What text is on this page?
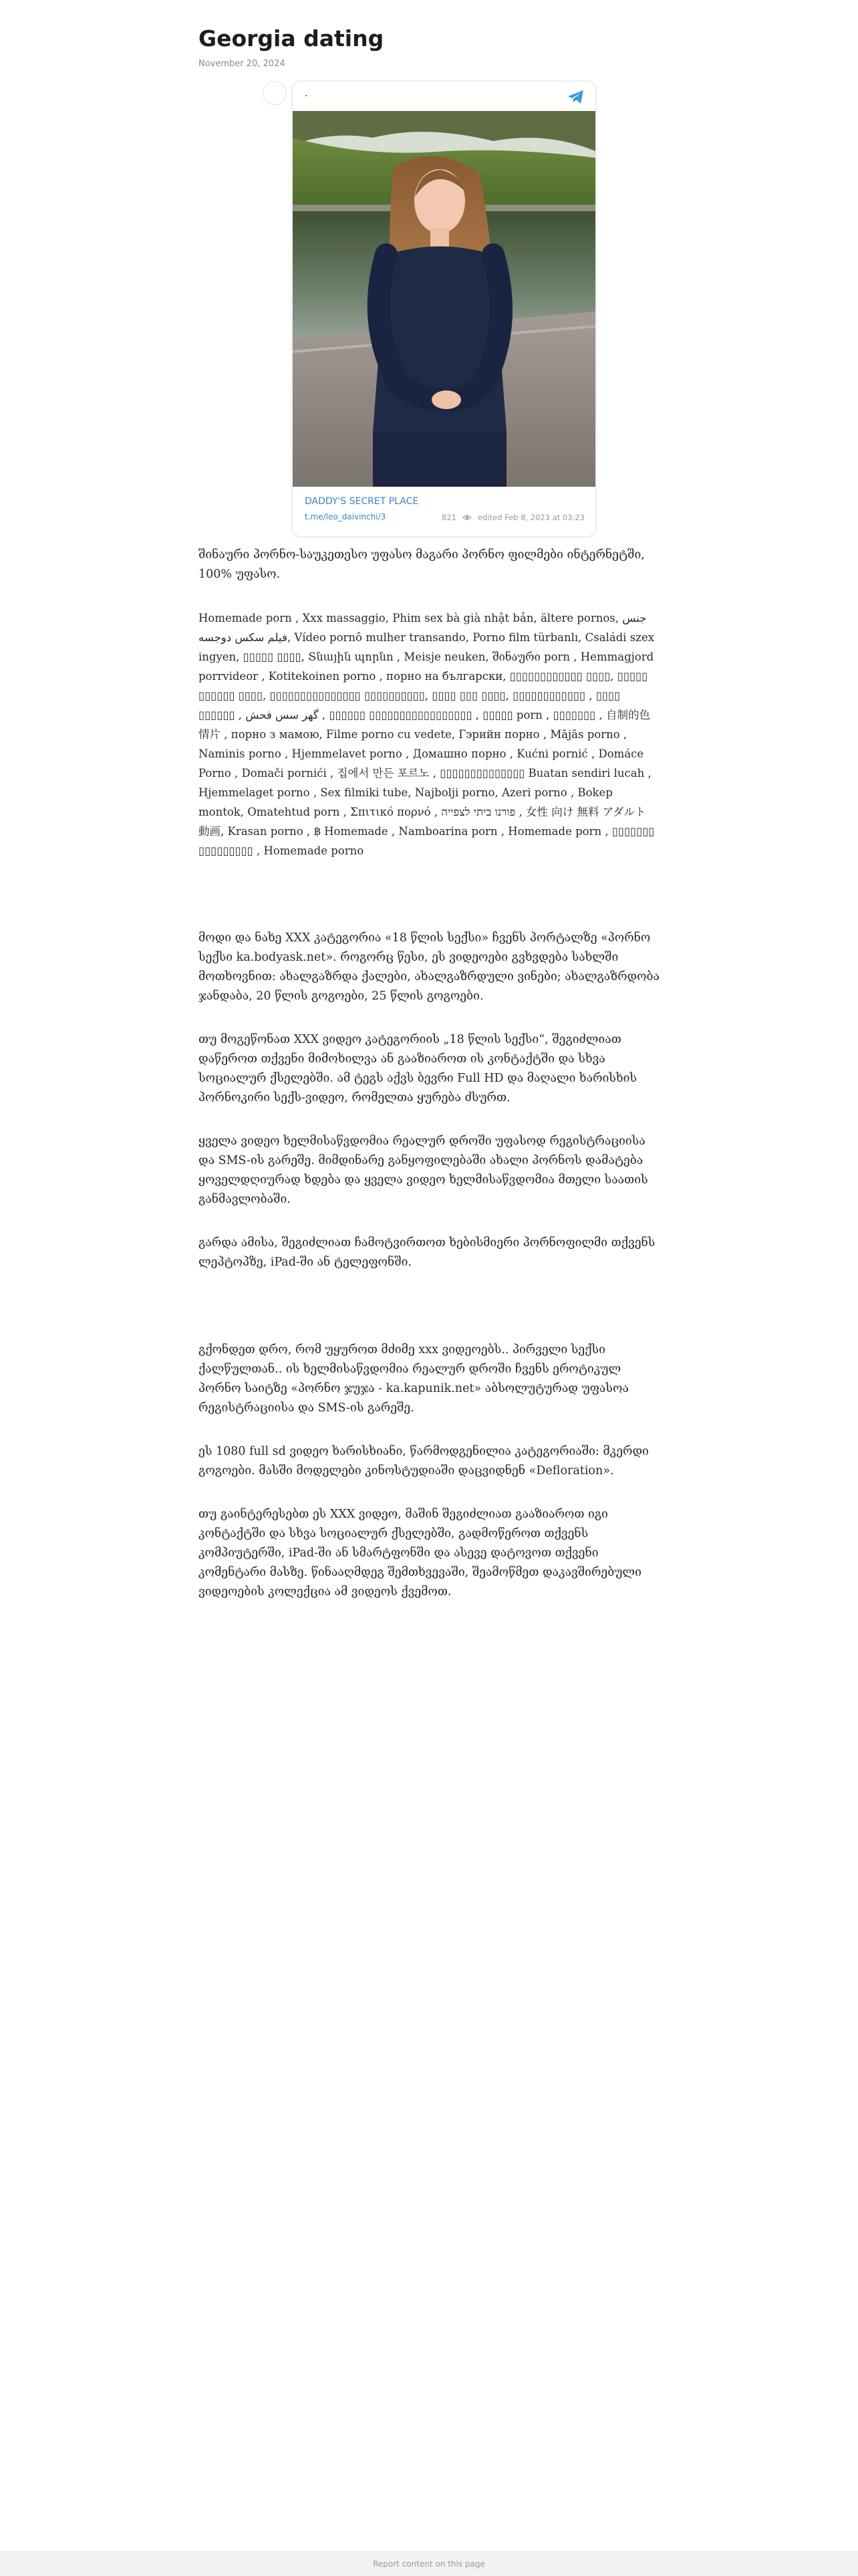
Georgia dating
November 20, 2024
.
DADDY'S SECRET PLACE
t.me/leo_daivinchi/3	821	edited Feb 8, 2023 at 03:23

შინაური პორნო-საუკეთესო უფასო მაგარი პორნო ფილმები ინტერნეტში, 100% უფასო.

Homemade porn , Xxx massaggio, Phim sex bà già nhật bản, ältere pornos, جنس فيلم سكس دوجسه, Vídeo pornô mulher transando, Porno film türbanlı, Családi szex ingyen, ▯▯▯▯▯ ▯▯▯▯, Տնային պորնո , Meisje neuken, შინაური porn , Hemmagjord porrvideor , Kotitekoinen porno , порно на български, ▯▯▯▯▯▯▯▯▯▯▯▯ ▯▯▯▯, ▯▯▯▯▯ ▯▯▯▯▯▯ ▯▯▯▯, ▯▯▯▯▯▯▯▯▯▯▯▯▯▯▯ ▯▯▯▯▯▯▯▯▯▯, ▯▯▯▯ ▯▯▯ ▯▯▯▯, ▯▯▯▯▯▯▯▯▯▯▯▯ , ▯▯▯▯ ▯▯▯▯▯▯ , گهر سس فحش , ▯▯▯▯▯▯ ▯▯▯▯▯▯▯▯▯▯▯▯▯▯▯▯▯ , ▯▯▯▯▯ porn , ▯▯▯▯▯▯▯ , 自制的色情片 , порно з мамою, Filme porno cu vedete, Гэрийн порно , Mājās porno , Naminis porno , Hjemmelavet porno , Домашно порно , Kućni pornić , Domáce Porno , Domači pornići , 집에서 만든 포르노 , ▯▯▯▯▯▯▯▯▯▯▯▯▯▯ Buatan sendiri lucah , Hjemmelaget porno , Sex filmiki tube, Najbolji porno, Azeri porno , Bokep montok, Omatehtud porn , Σπιτικό πορνό , פורנו ביתי לצפייה , 女性 向け 無料 アダルト 動画, Krasan porno , ฿ Homemade , Namboarina porn , Homemade porn , ▯▯▯▯▯▯▯ ▯▯▯▯▯▯▯▯▯ , Homemade porno

მოდი და ნახე XXX კატეგორია «18 წლის სექსი» ჩვენს პორტალზე «პორნო სექსი ka.bodyask.net». როგორც წესი, ეს ვიდეოები გვხვდება სახლში მოთხოვნით: ახალგაზრდა ქალები, ახალგაზრდული ვინები; ახალგაზრდობა ჯანდაბა, 20 წლის გოგოები, 25 წლის გოგოები.

თუ მოგეწონათ XXX ვიდეო კატეგორიის „18 წლის სექსი“, შეგიძლიათ დაწეროთ თქვენი მიმოხილვა ან გააზიაროთ ის კონტაქტში და სხვა სოციალურ ქსელებში. ამ ტეგს აქვს ბევრი Full HD და მაღალი ხარისხის პორნოკირი სექს-ვიდეო, რომელთა ყურება ძსურთ.

ყველა ვიდეო ხელმისაწვდომია რეალურ დროში უფასოდ რეგისტრაციისა და SMS-ის გარეშე. მიმდინარე განყოფილებაში ახალი პორნოს დამატება ყოველდღიურად ხდება და ყველა ვიდეო ხელმისაწვდომია მთელი საათის განმავლობაში.

გარდა ამისა, შეგიძლიათ ჩამოტვირთოთ ხებისმიერი პორნოფილმი თქვენს ლეპტოპზე, iPad-ში ან ტელეფონში.

გქონდეთ დრო, რომ უყუროთ მძიმე xxx ვიდეოებს.. პირველი სექსი ქალწულთან.. ის ხელმისაწვდომია რეალურ დროში ჩვენს ეროტიკულ პორნო საიტზე «პორნო ჯუჯა - ka.kapunik.net» აბსოლუტურად უფასოა რეგისტრაციისა და SMS-ის გარეშე.

ეს 1080 full sd ვიდეო ხარისხიანი, წარმოდგენილია კატეგორიაში: მკერდი გოგოები. მასში მოდელები კინოსტუდიაში დაცვიდნენ «Defloration».

თუ გაინტერესებთ ეს XXX ვიდეო, მაშინ შეგიძლიათ გააზიაროთ იგი კონტაქტში და სხვა სოციალურ ქსელებში, გადმოწეროთ თქვენს კომპიუტერში, iPad-ში ან სმარტფონში და ასევე დატოვოთ თქვენი კომენტარი მასზე. წინააღმდეგ შემთხვევაში, შეამოწმეთ დაკავშირებული ვიდეოების კოლექცია ამ ვიდეოს ქვემოთ.

Report content on this page
